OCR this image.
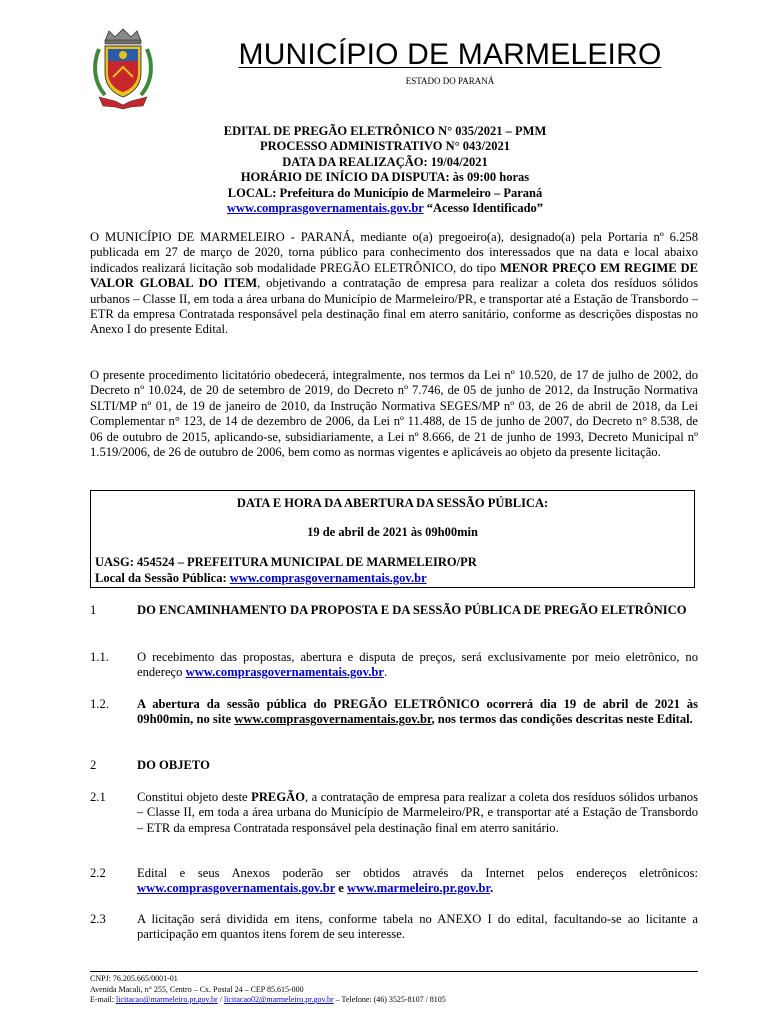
MUNICÍPIO DE MARMELEIRO
ESTADO DO PARANÁ
EDITAL DE PREGÃO ELETRÔNICO N° 035/2021 – PMM
PROCESSO ADMINISTRATIVO N° 043/2021
DATA DA REALIZAÇÃO: 19/04/2021
HORÁRIO DE INÍCIO DA DISPUTA: às 09:00 horas
LOCAL: Prefeitura do Município de Marmeleiro – Paraná
www.comprasgovernamentais.gov.br “Acesso Identificado”
O MUNICÍPIO DE MARMELEIRO - PARANÁ, mediante o(a) pregoeiro(a), designado(a) pela Portaria nº 6.258 publicada em 27 de março de 2020, torna público para conhecimento dos interessados que na data e local abaixo indicados realizará licitação sob modalidade PREGÃO ELETRÔNICO, do tipo MENOR PREÇO EM REGIME DE VALOR GLOBAL DO ITEM, objetivando a contratação de empresa para realizar a coleta dos resíduos sólidos urbanos – Classe II, em toda a área urbana do Município de Marmeleiro/PR, e transportar até a Estação de Transbordo – ETR da empresa Contratada responsável pela destinação final em aterro sanitário, conforme as descrições dispostas no Anexo I do presente Edital.
O presente procedimento licitatório obedecerá, integralmente, nos termos da Lei nº 10.520, de 17 de julho de 2002, do Decreto nº 10.024, de 20 de setembro de 2019, do Decreto nº 7.746, de 05 de junho de 2012, da Instrução Normativa SLTI/MP nº 01, de 19 de janeiro de 2010, da Instrução Normativa SEGES/MP nº 03, de 26 de abril de 2018, da Lei Complementar n° 123, de 14 de dezembro de 2006, da Lei nº 11.488, de 15 de junho de 2007, do Decreto n° 8.538, de 06 de outubro de 2015, aplicando-se, subsidiariamente, a Lei nº 8.666, de 21 de junho de 1993, Decreto Municipal nº 1.519/2006, de 26 de outubro de 2006, bem como as normas vigentes e aplicáveis ao objeto da presente licitação.
DATA E HORA DA ABERTURA DA SESSÃO PÚBLICA:
19 de abril de 2021 às 09h00min
UASG: 454524 – PREFEITURA MUNICIPAL DE MARMELEIRO/PR
Local da Sessão Pública: www.comprasgovernamentais.gov.br
1	DO ENCAMINHAMENTO DA PROPOSTA E DA SESSÃO PÚBLICA DE PREGÃO ELETRÔNICO
1.1. O recebimento das propostas, abertura e disputa de preços, será exclusivamente por meio eletrônico, no endereço www.comprasgovernamentais.gov.br.
1.2. A abertura da sessão pública do PREGÃO ELETRÔNICO ocorrerá dia 19 de abril de 2021 às 09h00min, no site www.comprasgovernamentais.gov.br, nos termos das condições descritas neste Edital.
2	DO OBJETO
2.1 Constitui objeto deste PREGÃO, a contratação de empresa para realizar a coleta dos resíduos sólidos urbanos – Classe II, em toda a área urbana do Município de Marmeleiro/PR, e transportar até a Estação de Transbordo – ETR da empresa Contratada responsável pela destinação final em aterro sanitário.
2.2 Edital e seus Anexos poderão ser obtidos através da Internet pelos endereços eletrônicos: www.comprasgovernamentais.gov.br e www.marmeleiro.pr.gov.br.
2.3 A licitação será dividida em itens, conforme tabela no ANEXO I do edital, facultando-se ao licitante a participação em quantos itens forem de seu interesse.
CNPJ: 76.205.665/0001-01
Avenida Macali, n° 255, Centro – Cx. Postal 24 – CEP 85.615-000
E-mail: licitacao@marmeleiro.pr.gov.br / licitacao02@marmeleiro.pr.gov.br – Telefone: (46) 3525-8107 / 8105
